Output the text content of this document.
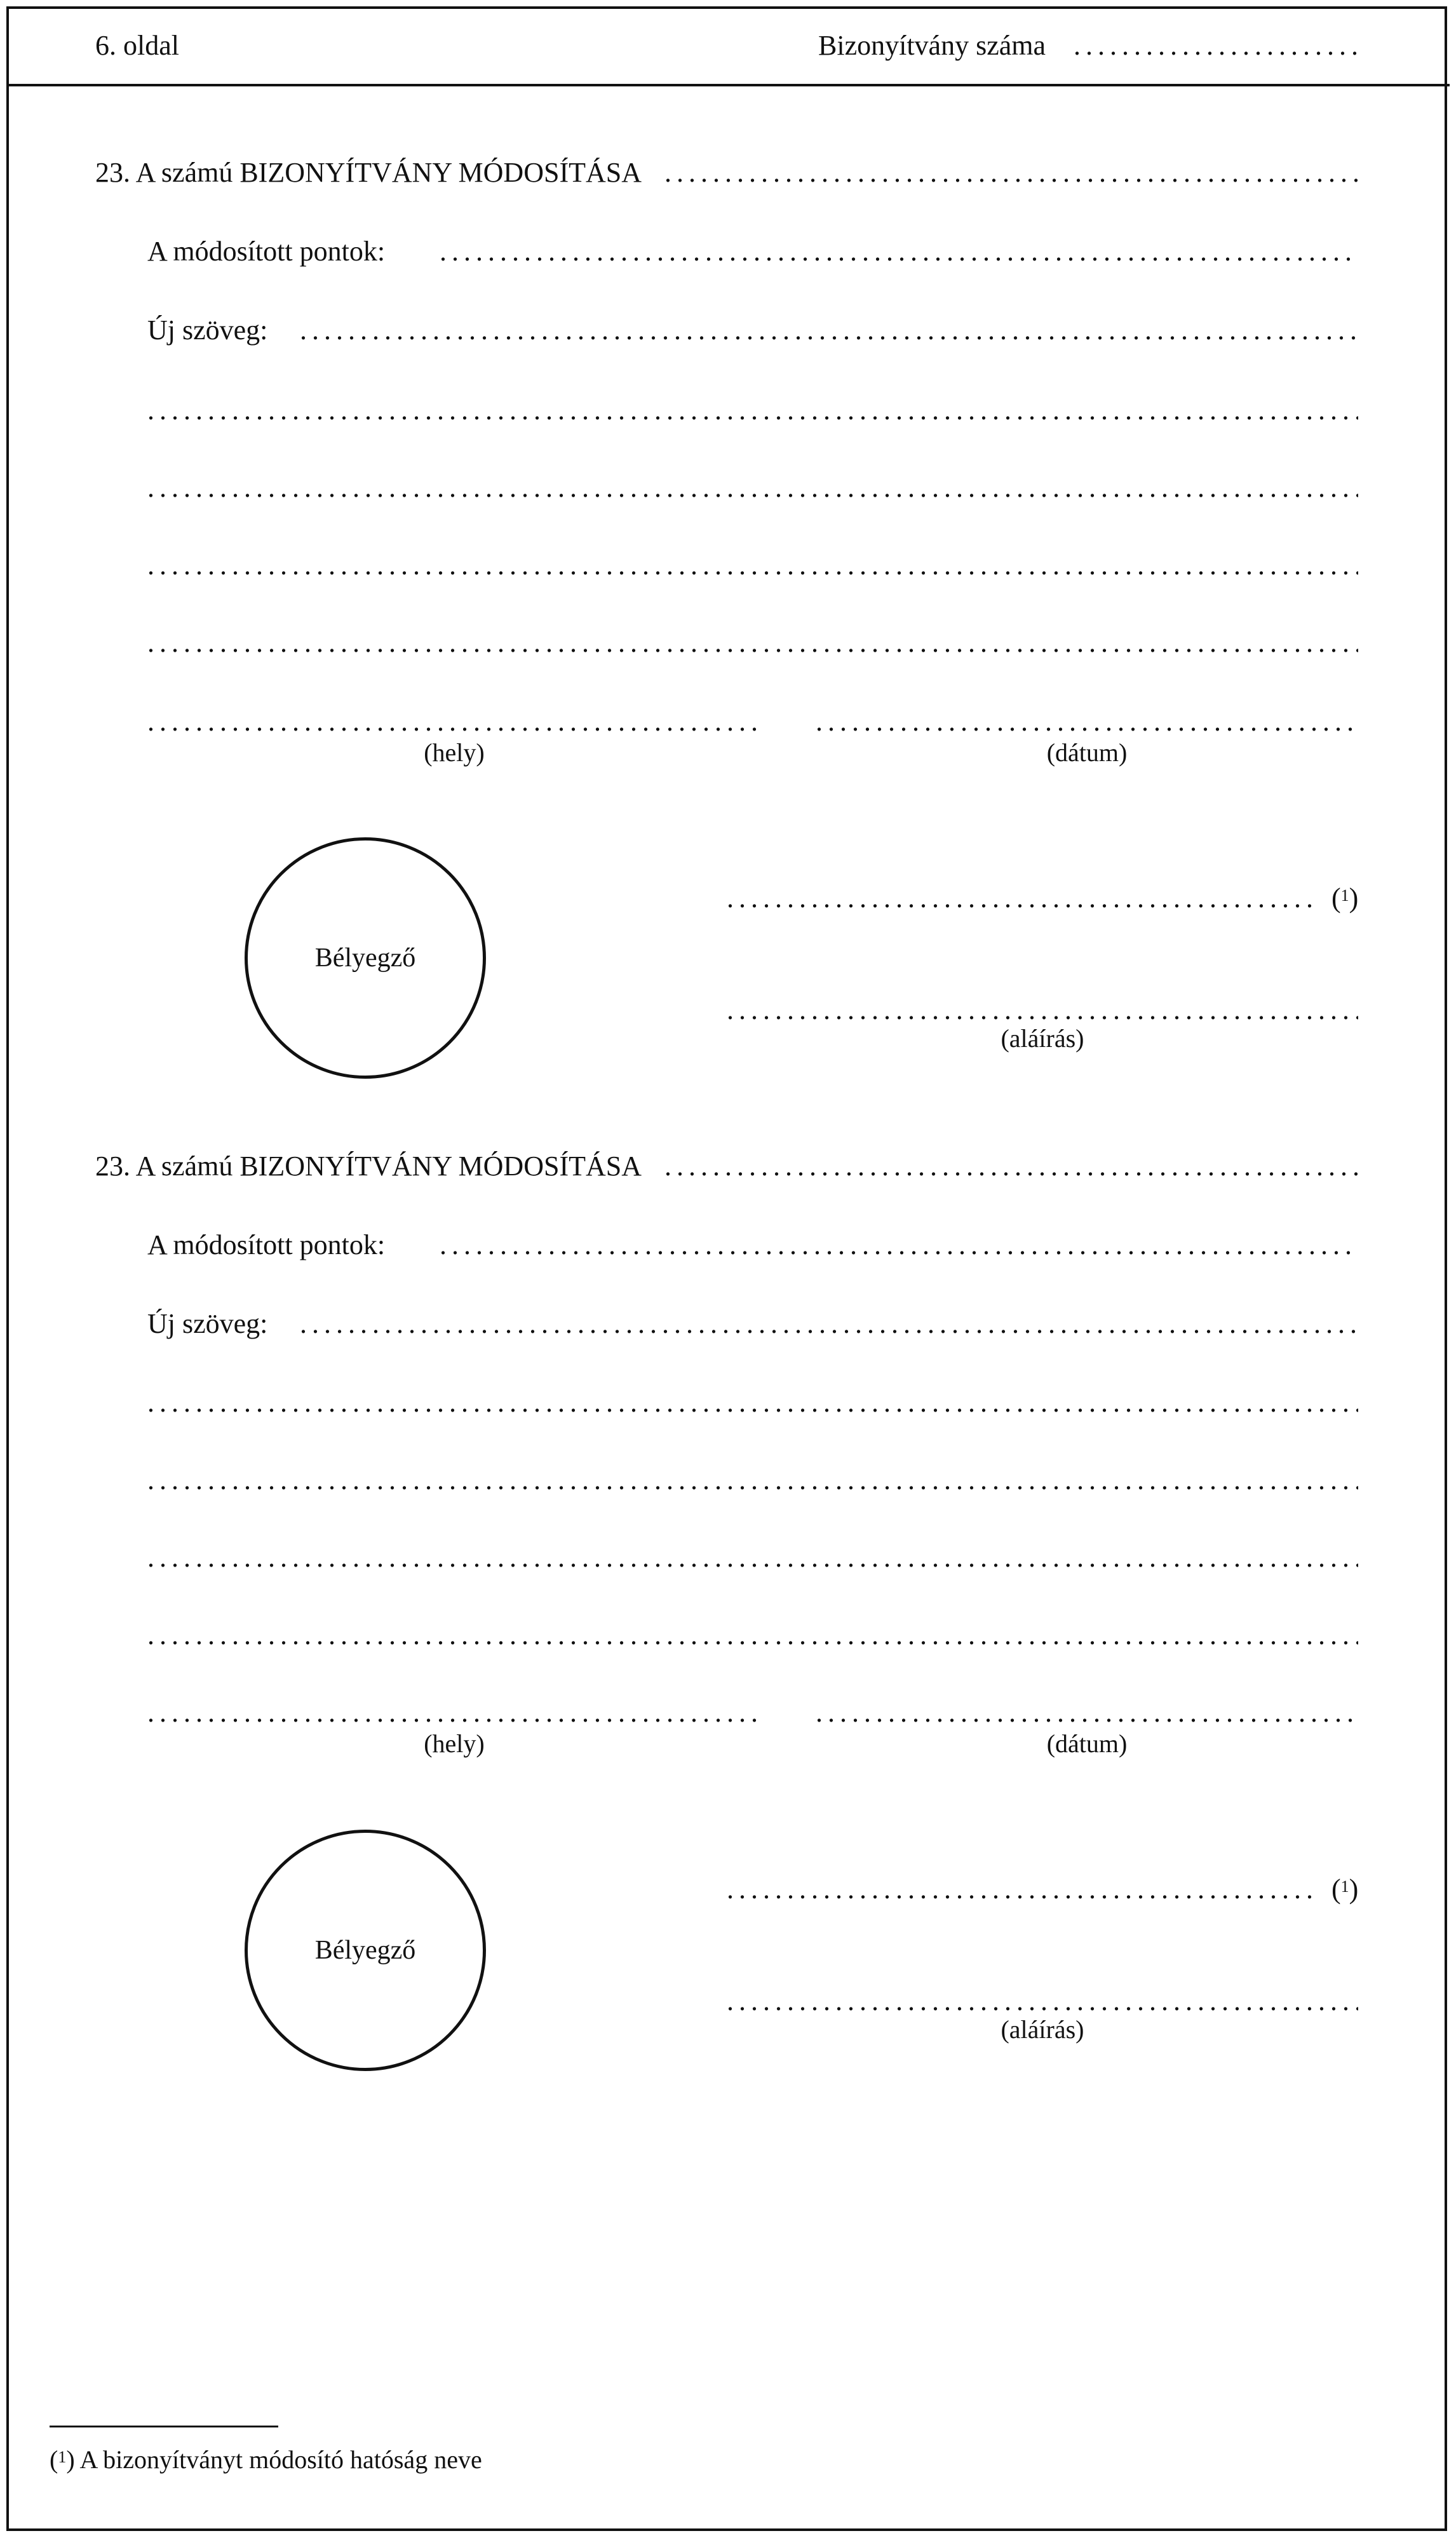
6. oldal	Bizonyítvány száma
.....
23. A számú BIZONYÍTVÁNY MÓDOSÍTÁSA
.....
A módosított pontok:
.....
Új szöveg:
.....
.....
.....
.....
.....
.....
.....
(hely)	(dátum)
Bélyegző
.....
($^1$)
.....
(aláírás)
23. A számú BIZONYÍTVÁNY MÓDOSÍTÁSA
.....
A módosított pontok:
.....
Új szöveg:
.....
.....
.....
.....
.....
.....
.....
(hely)	(dátum)
Bélyegző
.....
($^1$)
.....
(aláírás)
($^1$) A bizonyítványt módosító hatóság neve
